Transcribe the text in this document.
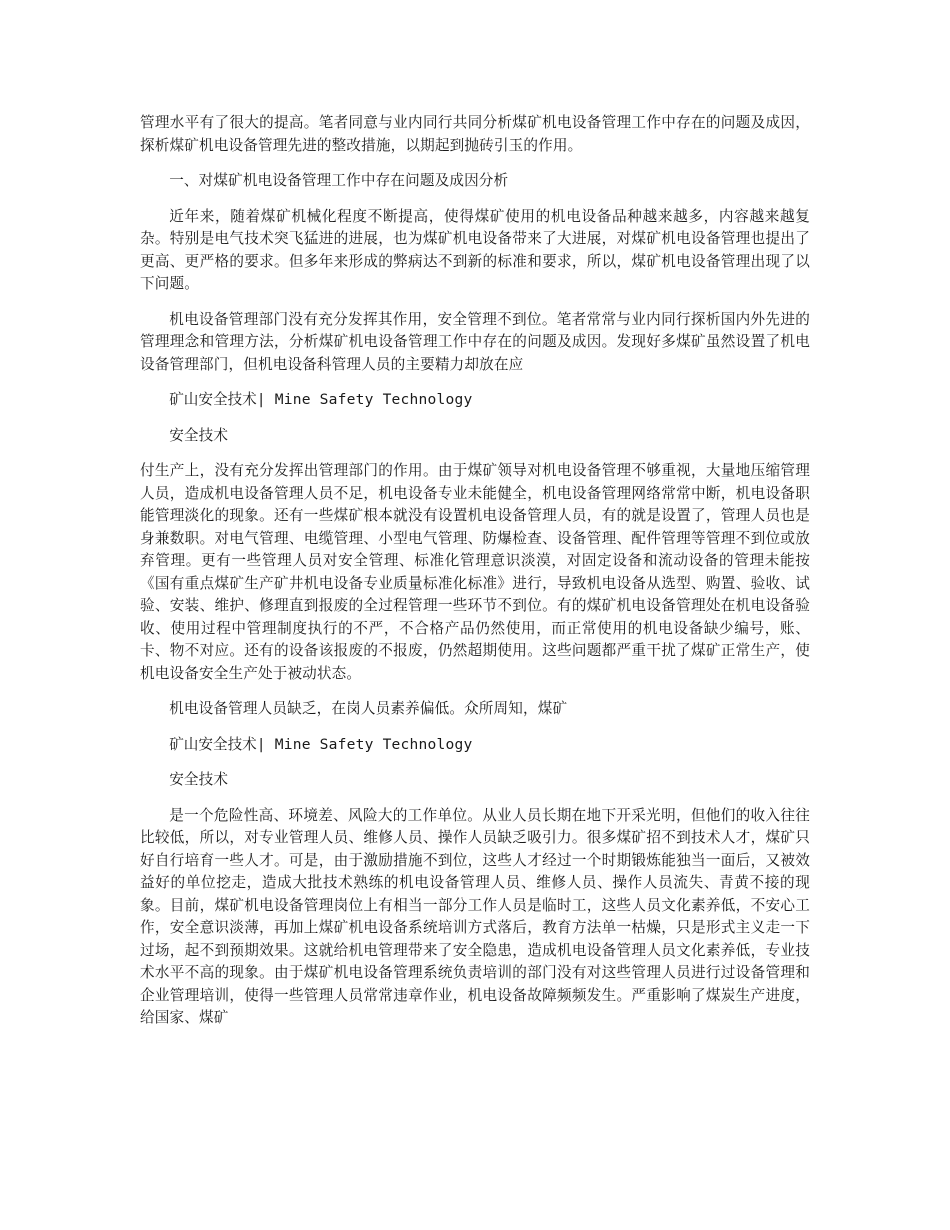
管理水平有了很大的提高。笔者同意与业内同行共同分析煤矿机电设备管理工作中存在的问题及成因，探析煤矿机电设备管理先进的整改措施，以期起到抛砖引玉的作用。

一、对煤矿机电设备管理工作中存在问题及成因分析

近年来，随着煤矿机械化程度不断提高，使得煤矿使用的机电设备品种越来越多，内容越来越复杂。特别是电气技术突飞猛进的进展，也为煤矿机电设备带来了大进展，对煤矿机电设备管理也提出了更高、更严格的要求。但多年来形成的弊病达不到新的标准和要求，所以，煤矿机电设备管理出现了以下问题。

机电设备管理部门没有充分发挥其作用，安全管理不到位。笔者常常与业内同行探析国内外先进的管理理念和管理方法，分析煤矿机电设备管理工作中存在的问题及成因。发现好多煤矿虽然设置了机电设备管理部门，但机电设备科管理人员的主要精力却放在应

矿山安全技术| Mine Safety Technology

安全技术

付生产上，没有充分发挥出管理部门的作用。由于煤矿领导对机电设备管理不够重视，大量地压缩管理人员，造成机电设备管理人员不足，机电设备专业未能健全，机电设备管理网络常常中断，机电设备职能管理淡化的现象。还有一些煤矿根本就没有设置机电设备管理人员，有的就是设置了，管理人员也是身兼数职。对电气管理、电缆管理、小型电气管理、防爆检查、设备管理、配件管理等管理不到位或放弃管理。更有一些管理人员对安全管理、标准化管理意识淡漠，对固定设备和流动设备的管理未能按《国有重点煤矿生产矿井机电设备专业质量标准化标准》进行，导致机电设备从选型、购置、验收、试验、安装、维护、修理直到报废的全过程管理一些环节不到位。有的煤矿机电设备管理处在机电设备验收、使用过程中管理制度执行的不严，不合格产品仍然使用，而正常使用的机电设备缺少编号，账、卡、物不对应。还有的设备该报废的不报废，仍然超期使用。这些问题都严重干扰了煤矿正常生产，使机电设备安全生产处于被动状态。

机电设备管理人员缺乏，在岗人员素养偏低。众所周知，煤矿

矿山安全技术| Mine Safety Technology

安全技术

是一个危险性高、环境差、风险大的工作单位。从业人员长期在地下开采光明，但他们的收入往往比较低，所以，对专业管理人员、维修人员、操作人员缺乏吸引力。很多煤矿招不到技术人才，煤矿只好自行培育一些人才。可是，由于激励措施不到位，这些人才经过一个时期锻炼能独当一面后，又被效益好的单位挖走，造成大批技术熟练的机电设备管理人员、维修人员、操作人员流失、青黄不接的现象。目前，煤矿机电设备管理岗位上有相当一部分工作人员是临时工，这些人员文化素养低，不安心工作，安全意识淡薄，再加上煤矿机电设备系统培训方式落后，教育方法单一枯燥，只是形式主义走一下过场，起不到预期效果。这就给机电管理带来了安全隐患，造成机电设备管理人员文化素养低，专业技术水平不高的现象。由于煤矿机电设备管理系统负责培训的部门没有对这些管理人员进行过设备管理和企业管理培训，使得一些管理人员常常违章作业，机电设备故障频频发生。严重影响了煤炭生产进度，给国家、煤矿
